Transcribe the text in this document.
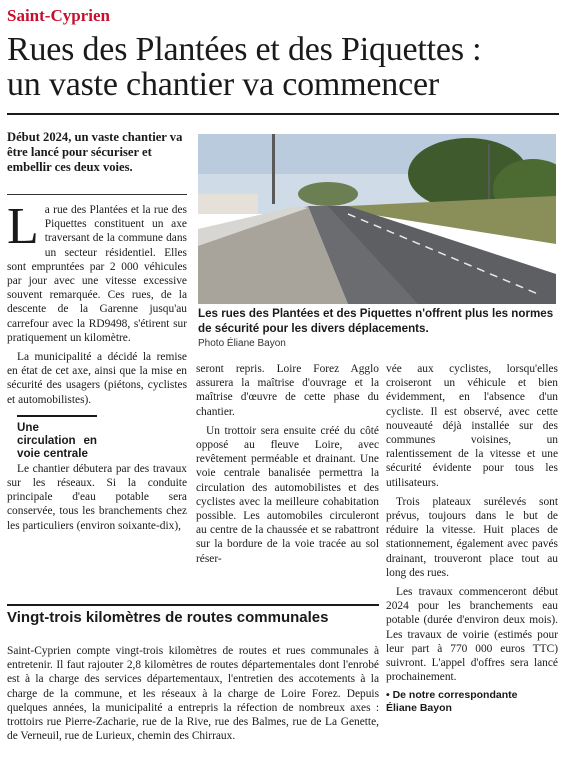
Saint-Cyprien
Rues des Plantées et des Piquettes :
un vaste chantier va commencer
Début 2024, un vaste chantier va être lancé pour sécuriser et embellir ces deux voies.
Les rues des Plantées et des Piquettes n'offrent plus les normes de sécurité pour les divers déplacements.
Photo Éliane Bayon

La rue des Plantées et la rue des Piquettes constituent un axe traversant de la commune dans un secteur résidentiel. Elles sont empruntées par 2 000 véhicules par jour avec une vitesse excessive souvent remarquée. Ces rues, de la descente de la Garenne jusqu'au carrefour avec la RD9498, s'étirent sur pratiquement un kilomètre.

La municipalité a décidé la remise en état de cet axe, ainsi que la mise en sécurité des usagers (piétons, cyclistes et automobilistes).

Une circulation en voie centrale

Le chantier débutera par des travaux sur les réseaux. Si la conduite principale d'eau potable sera conservée, tous les branchements chez les particuliers (environ soixante-dix),

seront repris. Loire Forez Agglo assurera la maîtrise d'ouvrage et la maîtrise d'œuvre de cette phase du chantier.

Un trottoir sera ensuite créé du côté opposé au fleuve Loire, avec revêtement perméable et drainant. Une voie centrale banalisée permettra la circulation des automobilistes et des cyclistes avec la meilleure cohabitation possible. Les automobiles circuleront au centre de la chaussée et se rabattront sur la bordure de la voie tracée au sol réser-

vée aux cyclistes, lorsqu'elles croiseront un véhicule et bien évidemment, en l'absence d'un cycliste. Il est observé, avec cette nouveauté déjà installée sur des communes voisines, un ralentissement de la vitesse et une sécurité évidente pour tous les utilisateurs.

Trois plateaux surélevés sont prévus, toujours dans le but de réduire la vitesse. Huit places de stationnement, également avec pavés drainant, trouveront place tout au long des rues.

Les travaux commenceront début 2024 pour les branchements eau potable (durée d'environ deux mois). Les travaux de voirie (estimés pour leur part à 770 000 euros TTC) suivront. L'appel d'offres sera lancé prochainement.

• De notre correspondante
Éliane Bayon
Vingt-trois kilomètres de routes communales
Saint-Cyprien compte vingt-trois kilomètres de routes et rues communales à entretenir. Il faut rajouter 2,8 kilomètres de routes départementales dont l'enrobé est à la charge des services départementaux, l'entretien des accotements à la charge de la commune, et les réseaux à la charge de Loire Forez. Depuis quelques années, la municipalité a entrepris la réfection de nombreux axes : trottoirs rue Pierre-Zacharie, rue de la Rive, rue des Balmes, rue de La Genette, de Verneuil, rue de Lurieux, chemin des Chirraux.
